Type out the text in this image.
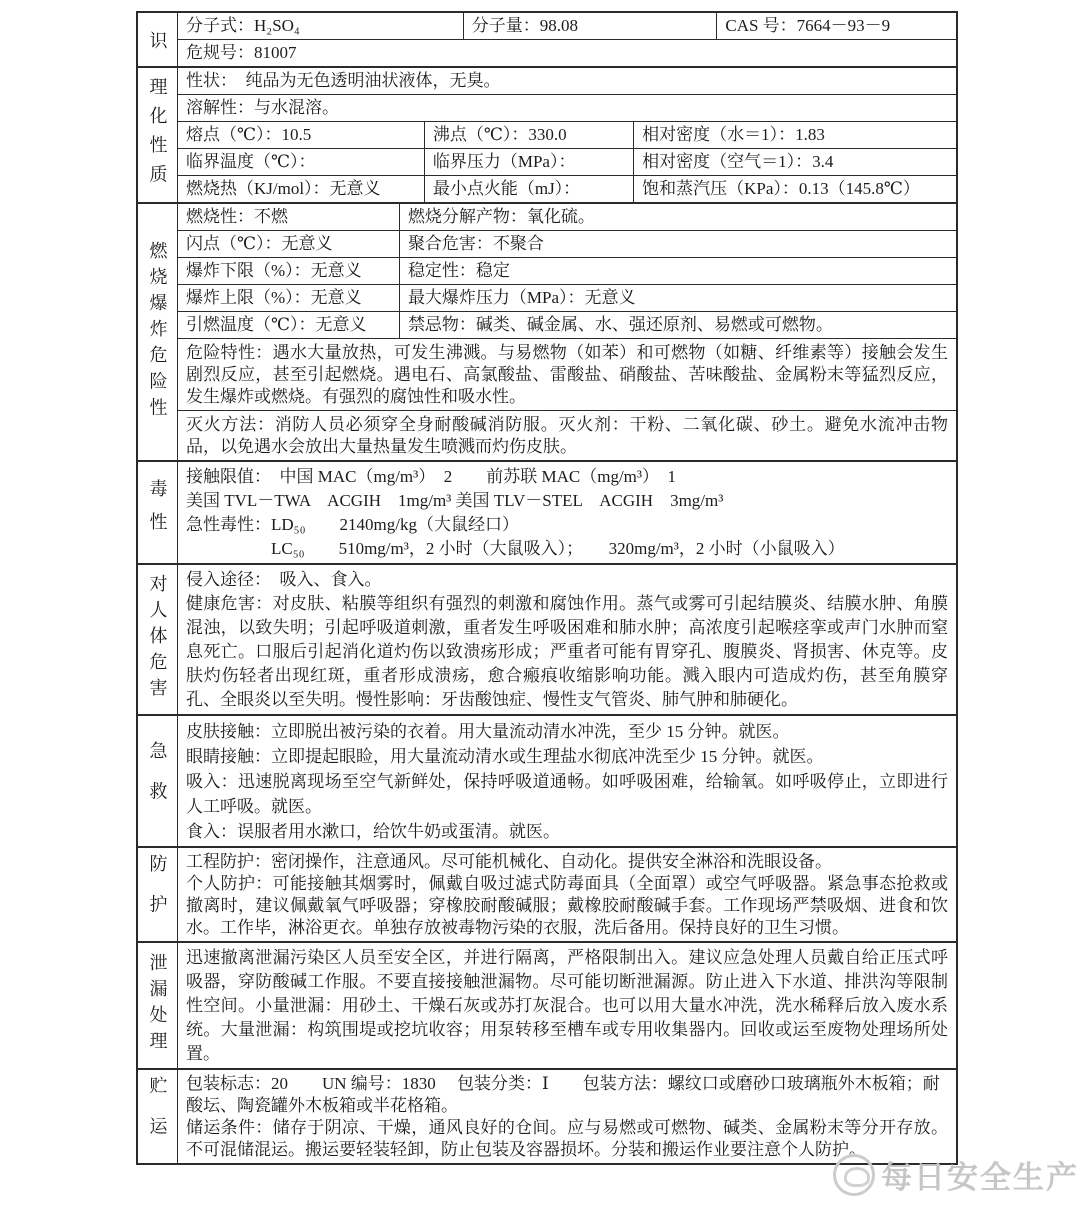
识
分子式：H₂SO₄	分子量：98.08	CAS 号：7664－93－9
危规号：81007
理化性质	性状：　纯品为无色透明油状液体，无臭。
溶解性：与水混溶。
熔点（℃）：10.5	沸点（℃）：330.0	相对密度（水＝1）：1.83
临界温度（℃）：	临界压力（MPa）：	相对密度（空气＝1）：3.4
燃烧热（KJ/mol）：无意义	最小点火能（mJ）：	饱和蒸汽压（KPa）：0.13（145.8℃）
燃烧爆炸危险性
燃烧性：不燃	燃烧分解产物：氧化硫。
闪点（℃）：无意义	聚合危害：不聚合
爆炸下限（%）：无意义	稳定性：稳定
爆炸上限（%）：无意义	最大爆炸压力（MPa）：无意义
引燃温度（℃）：无意义	禁忌物：碱类、碱金属、水、强还原剂、易燃或可燃物。
危险特性：遇水大量放热，可发生沸溅。与易燃物（如苯）和可燃物（如糖、纤维素等）接触会发生剧烈反应，甚至引起燃烧。遇电石、高氯酸盐、雷酸盐、硝酸盐、苦味酸盐、金属粉末等猛烈反应，发生爆炸或燃烧。有强烈的腐蚀性和吸水性。
灭火方法：消防人员必须穿全身耐酸碱消防服。灭火剂：干粉、二氧化碳、砂土。避免水流冲击物品，以免遇水会放出大量热量发生喷溅而灼伤皮肤。
毒性
接触限值：　中国 MAC（mg/m³）　2　　前苏联 MAC（mg/m³）　1
美国 TVL－TWA　ACGIH　1mg/m³ 美国 TLV－STEL　ACGIH　3mg/m³
急性毒性：LD₅₀　　2140mg/kg（大鼠经口）
　　　　　LC₅₀　　510mg/m³，2 小时（大鼠吸入）；　　320mg/m³，2 小时（小鼠吸入）
对人体危害 侵入途径：　吸入、食入。
健康危害：对皮肤、粘膜等组织有强烈的刺激和腐蚀作用。蒸气或雾可引起结膜炎、结膜水肿、角膜混浊，以致失明；引起呼吸道刺激，重者发生呼吸困难和肺水肿；高浓度引起喉痉挛或声门水肿而窒息死亡。口服后引起消化道灼伤以致溃疡形成；严重者可能有胃穿孔、腹膜炎、肾损害、休克等。皮肤灼伤轻者出现红斑，重者形成溃疡，愈合瘢痕收缩影响功能。溅入眼内可造成灼伤，甚至角膜穿孔、全眼炎以至失明。慢性影响：牙齿酸蚀症、慢性支气管炎、肺气肿和肺硬化。
急救
皮肤接触：立即脱出被污染的衣着。用大量流动清水冲洗，至少 15 分钟。就医。
眼睛接触：立即提起眼睑，用大量流动清水或生理盐水彻底冲洗至少 15 分钟。就医。
吸入：迅速脱离现场至空气新鲜处，保持呼吸道通畅。如呼吸困难，给输氧。如呼吸停止，立即进行人工呼吸。就医。
食入：误服者用水漱口，给饮牛奶或蛋清。就医。
防护 工程防护：密闭操作，注意通风。尽可能机械化、自动化。提供安全淋浴和洗眼设备。
个人防护：可能接触其烟雾时，佩戴自吸过滤式防毒面具（全面罩）或空气呼吸器。紧急事态抢救或撤离时，建议佩戴氧气呼吸器；穿橡胶耐酸碱服；戴橡胶耐酸碱手套。工作现场严禁吸烟、进食和饮水。工作毕，淋浴更衣。单独存放被毒物污染的衣服，洗后备用。保持良好的卫生习惯。
泄漏处理 迅速撤离泄漏污染区人员至安全区，并进行隔离，严格限制出入。建议应急处理人员戴自给正压式呼吸器，穿防酸碱工作服。不要直接接触泄漏物。尽可能切断泄漏源。防止进入下水道、排洪沟等限制性空间。小量泄漏：用砂土、干燥石灰或苏打灰混合。也可以用大量水冲洗，洗水稀释后放入废水系统。大量泄漏：构筑围堤或挖坑收容；用泵转移至槽车或专用收集器内。回收或运至废物处理场所处置。
贮运 包装标志：20　　UN 编号：1830　 包装分类：Ⅰ　　包装方法：螺纹口或磨砂口玻璃瓶外木板箱；耐酸坛、陶瓷罐外木板箱或半花格箱。
储运条件：储存于阴凉、干燥，通风良好的仓间。应与易燃或可燃物、碱类、金属粉末等分开存放。不可混储混运。搬运要轻装轻卸，防止包装及容器损坏。分装和搬运作业要注意个人防护。
每日安全生产
